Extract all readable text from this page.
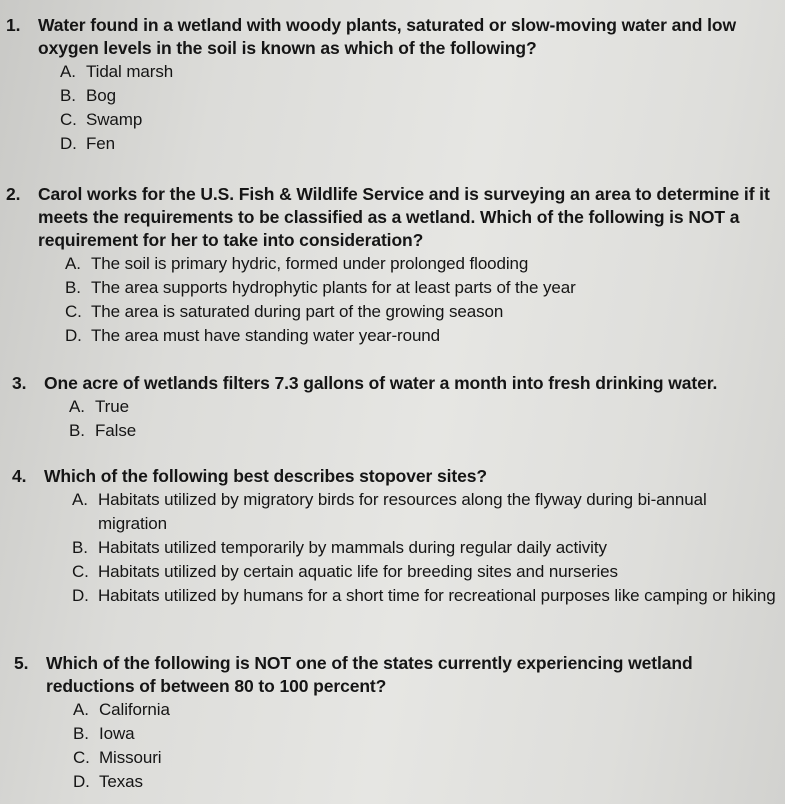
1. Water found in a wetland with woody plants, saturated or slow-moving water and low oxygen levels in the soil is known as which of the following?

A. Tidal marsh
B. Bog
C. Swamp
D. Fen

2. Carol works for the U.S. Fish & Wildlife Service and is surveying an area to determine if it meets the requirements to be classified as a wetland. Which of the following is NOT a requirement for her to take into consideration?

A. The soil is primary hydric, formed under prolonged flooding
B. The area supports hydrophytic plants for at least parts of the year
C. The area is saturated during part of the growing season
D. The area must have standing water year-round

3. One acre of wetlands filters 7.3 gallons of water a month into fresh drinking water.

A. True
B. False

4. Which of the following best describes stopover sites?

A. Habitats utilized by migratory birds for resources along the flyway during bi-annual migration
B. Habitats utilized temporarily by mammals during regular daily activity
C. Habitats utilized by certain aquatic life for breeding sites and nurseries
D. Habitats utilized by humans for a short time for recreational purposes like camping or hiking

5. Which of the following is NOT one of the states currently experiencing wetland reductions of between 80 to 100 percent?

A. California
B. Iowa
C. Missouri
D. Texas
